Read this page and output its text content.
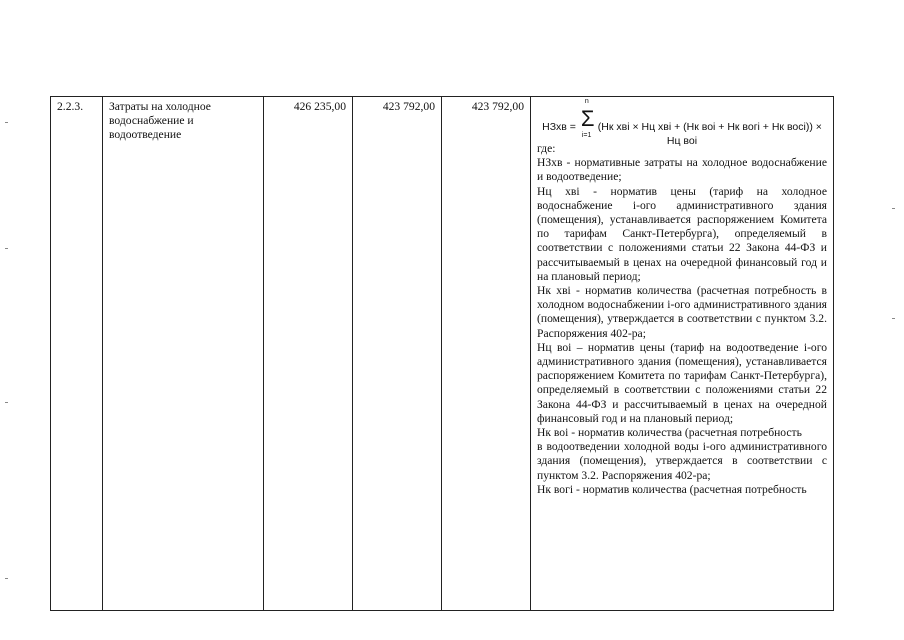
2.2.3.	Затраты на холодное водоснабжение и водоотведение	426 235,00	423 792,00	423 792,00	
НЗхв = Σ
n
i=1
(Нк хвi × Нц хвi + (Нк воi + Нк вогi + Нк восi)) × Нц воi

где:

НЗхв - нормативные затраты на холодное водоснабжение и водоотведение;

Нц хвi - норматив цены (тариф на холодное водоснабжение i-ого административного здания (помещения), устанавливается распоряжением Комитета по тарифам Санкт-Петербурга), определяемый в соответствии с положениями статьи 22 Закона 44-ФЗ и рассчитываемый в ценах на очередной финансовый год и на плановый период;

Нк хвi - норматив количества (расчетная потребность в холодном водоснабжении i-ого административного здания (помещения), утверждается в соответствии с пунктом 3.2. Распоряжения 402-ра;

Нц воi – норматив цены (тариф на водоотведение i-ого административного здания (помещения), устанавливается распоряжением Комитета по тарифам Санкт-Петербурга), определяемый в соответствии с положениями статьи 22 Закона 44-ФЗ и рассчитываемый в ценах на очередной финансовый год и на плановый период;

Нк воi - норматив количества (расчетная потребность

в водоотведении холодной воды i-ого административного здания (помещения), утверждается в соответствии с пунктом 3.2. Распоряжения 402-ра;

Нк вогi - норматив количества (расчетная потребность
